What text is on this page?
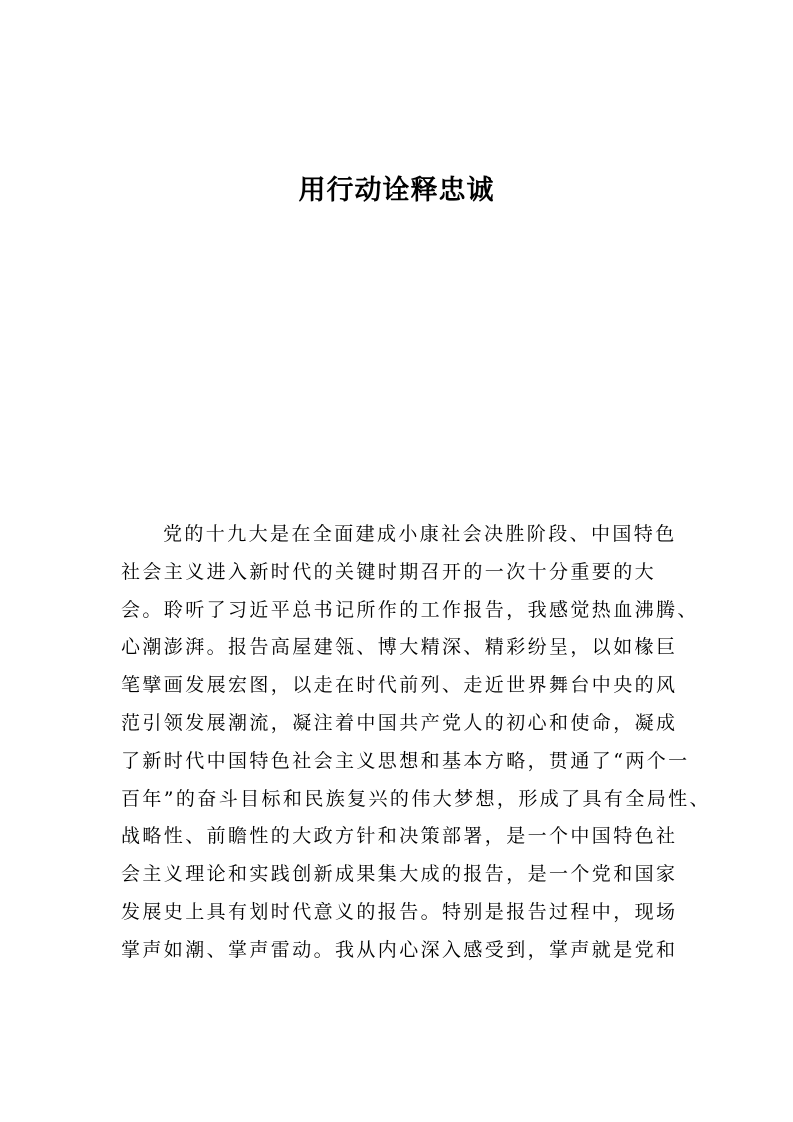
用行动诠释忠诚
党的十九大是在全面建成小康社会决胜阶段、中国特色
社会主义进入新时代的关键时期召开的一次十分重要的大
会。聆听了习近平总书记所作的工作报告，我感觉热血沸腾、
心潮澎湃。报告高屋建瓴、博大精深、精彩纷呈，以如椽巨
笔擘画发展宏图，以走在时代前列、走近世界舞台中央的风
范引领发展潮流，凝注着中国共产党人的初心和使命，凝成
了新时代中国特色社会主义思想和基本方略，贯通了“两个一
百年”的奋斗目标和民族复兴的伟大梦想，形成了具有全局性、
战略性、前瞻性的大政方针和决策部署，是一个中国特色社
会主义理论和实践创新成果集大成的报告，是一个党和国家
发展史上具有划时代意义的报告。特别是报告过程中，现场
掌声如潮、掌声雷动。我从内心深入感受到，掌声就是党和
